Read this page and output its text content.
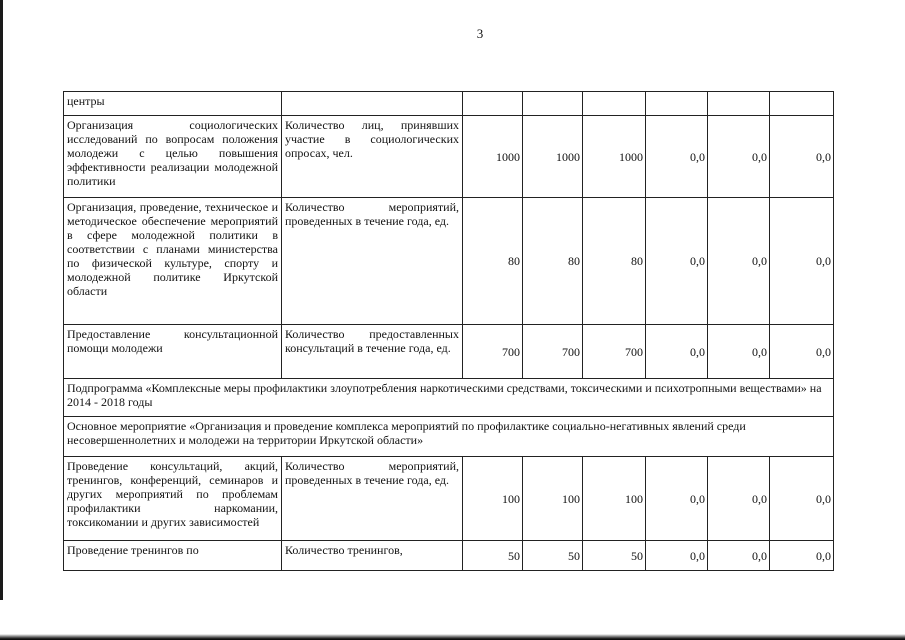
3
центры							
Организация социологических исследований по вопросам положения молодежи с целью повышения эффективности реализации молодежной политики	Количество лиц, принявших участие в социологических опросах, чел.	1000	1000	1000	0,0	0,0	0,0
Организация, проведение, техническое и методическое обеспечение мероприятий в сфере молодежной политики в соответствии с планами министерства по физической культуре, спорту и молодежной политике Иркутской области	Количество мероприятий, проведенных в течение года, ед.	80	80	80	0,0	0,0	0,0
Предоставление консультационной помощи молодежи	Количество предоставленных консультаций в течение года, ед.	700	700	700	0,0	0,0	0,0
Подпрограмма «Комплексные меры профилактики злоупотребления наркотическими средствами, токсическими и психотропными веществами» на 2014 - 2018 годы							
Основное мероприятие «Организация и проведение комплекса мероприятий по профилактике социально-негативных явлений среди несовершеннолетних и молодежи на территории Иркутской области»							
Проведение консультаций, акций, тренингов, конференций, семинаров и других мероприятий по проблемам профилактики наркомании, токсикомании и других зависимостей	Количество мероприятий, проведенных в течение года, ед.	100	100	100	0,0	0,0	0,0
Проведение тренингов по	Количество тренингов,	50	50	50	0,0	0,0	0,0
